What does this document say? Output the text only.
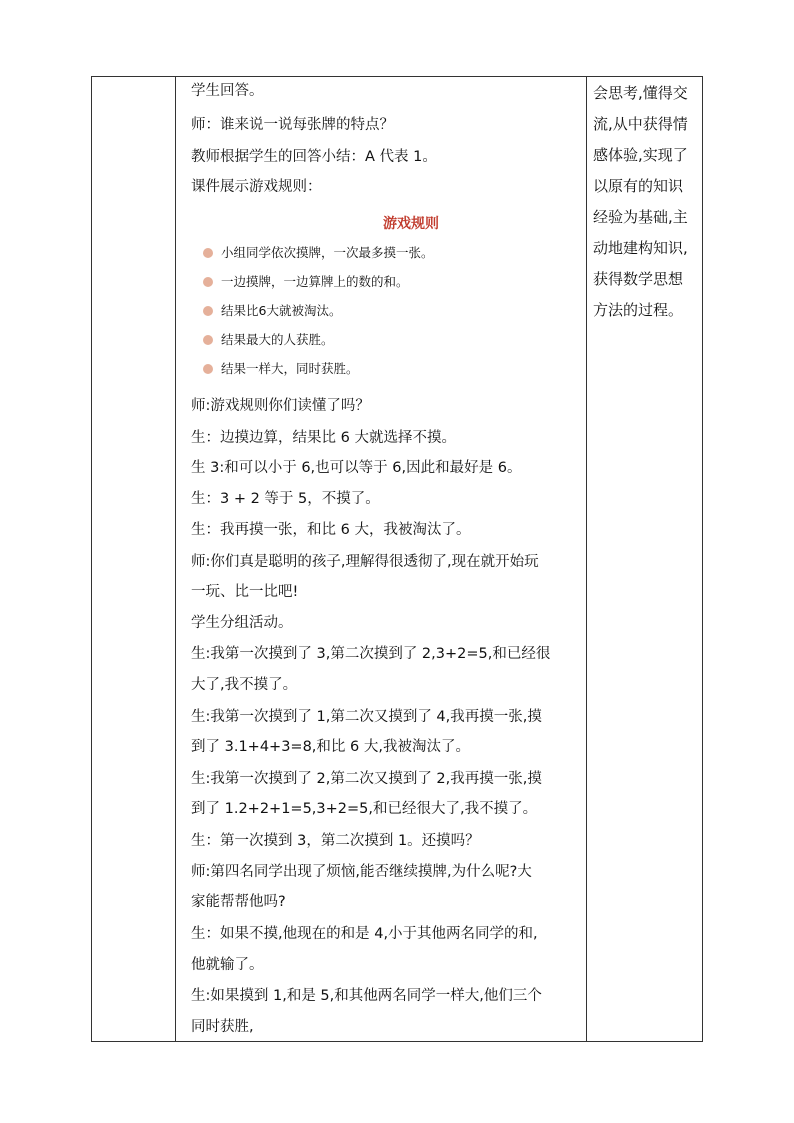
学生回答。
师：谁来说一说每张牌的特点？
教师根据学生的回答小结：A 代表 1。
课件展示游戏规则：
游戏规则
小组同学依次摸牌，一次最多摸一张。
一边摸牌，一边算牌上的数的和。
结果比6大就被淘汰。
结果最大的人获胜。
结果一样大，同时获胜。
师:游戏规则你们读懂了吗？
生：边摸边算，结果比 6 大就选择不摸。
生 3:和可以小于 6,也可以等于 6,因此和最好是 6。
生：3 + 2 等于 5，不摸了。
生：我再摸一张，和比 6 大，我被淘汰了。
师:你们真是聪明的孩子,理解得很透彻了,现在就开始玩
一玩、比一比吧!
学生分组活动。
生:我第一次摸到了 3,第二次摸到了 2,3+2=5,和已经很
大了,我不摸了。
生:我第一次摸到了 1,第二次又摸到了 4,我再摸一张,摸
到了 3.1+4+3=8,和比 6 大,我被淘汰了。
生:我第一次摸到了 2,第二次又摸到了 2,我再摸一张,摸
到了 1.2+2+1=5,3+2=5,和已经很大了,我不摸了。
生：第一次摸到 3，第二次摸到 1。还摸吗？
师:第四名同学出现了烦恼,能否继续摸牌,为什么呢?大
家能帮帮他吗?
生：如果不摸,他现在的和是 4,小于其他两名同学的和,
他就输了。
生:如果摸到 1,和是 5,和其他两名同学一样大,他们三个
同时获胜,
会思考,懂得交
流,从中获得情
感体验,实现了
以原有的知识
经验为基础,主
动地建构知识,
获得数学思想
方法的过程。
